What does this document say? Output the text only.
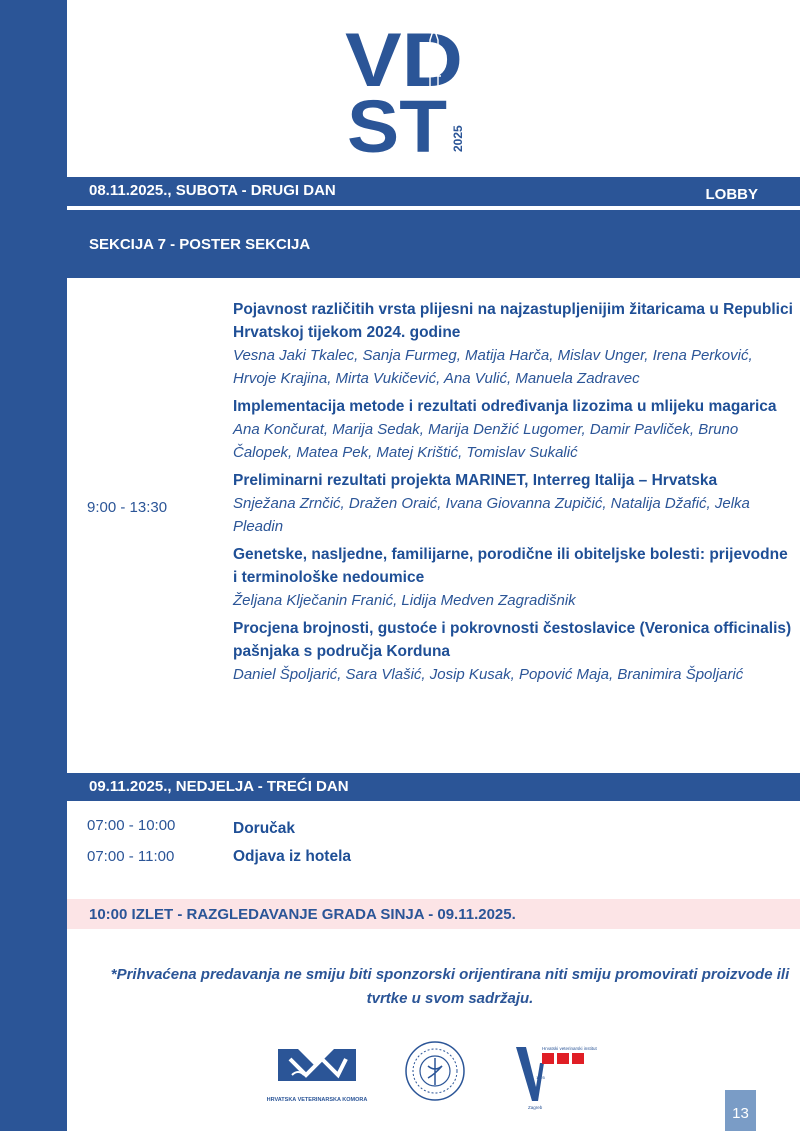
VD
ST 2025
08.11.2025., SUBOTA - DRUGI DAN	LOBBY
SEKCIJA 7 - POSTER SEKCIJA
9:00 - 13:30
Pojavnost različitih vrsta plijesni na najzastupljenijim žitaricama u Republici Hrvatskoj tijekom 2024. godine
Vesna Jaki Tkalec, Sanja Furmeg, Matija Harča, Mislav Unger, Irena Perković, Hrvoje Krajina, Mirta Vukičević, Ana Vulić, Manuela Zadravec
Implementacija metode i rezultati određivanja lizozima u mlijeku magarica
Ana Končurat, Marija Sedak, Marija Denžić Lugomer, Damir Pavliček, Bruno Čalopek, Matea Pek, Matej Krištić, Tomislav Sukalić
Preliminarni rezultati projekta MARINET, Interreg Italija – Hrvatska
Snježana Zrnčić, Dražen Oraić, Ivana Giovanna Zupičić, Natalija Džafić, Jelka Pleadin
Genetske, nasljedne, familijarne, porodične ili obiteljske bolesti: prijevodne i terminološke nedoumice
Željana Klječanin Franić, Lidija Medven Zagradišnik
Procjena brojnosti, gustoće i pokrovnosti čestoslavice (Veronica officinalis) pašnjaka s područja Korduna
Daniel Špoljarić, Sara Vlašić, Josip Kusak, Popović Maja, Branimira Špoljarić
09.11.2025., NEDJELJA - TREĆI DAN
07:00 - 10:00	Doručak
07:00 - 11:00	Odjava iz hotela
10:00 IZLET - RAZGLEDAVANJE GRADA SINJA - 09.11.2025.
*Prihvaćena predavanja ne smiju biti sponzorski orijentirana niti smiju promovirati proizvode ili tvrtke u svom sadržaju.
HRVATSKA VETERINARSKA KOMORA
Hrvatski veterinarski institut
1925
Zagreb	13
